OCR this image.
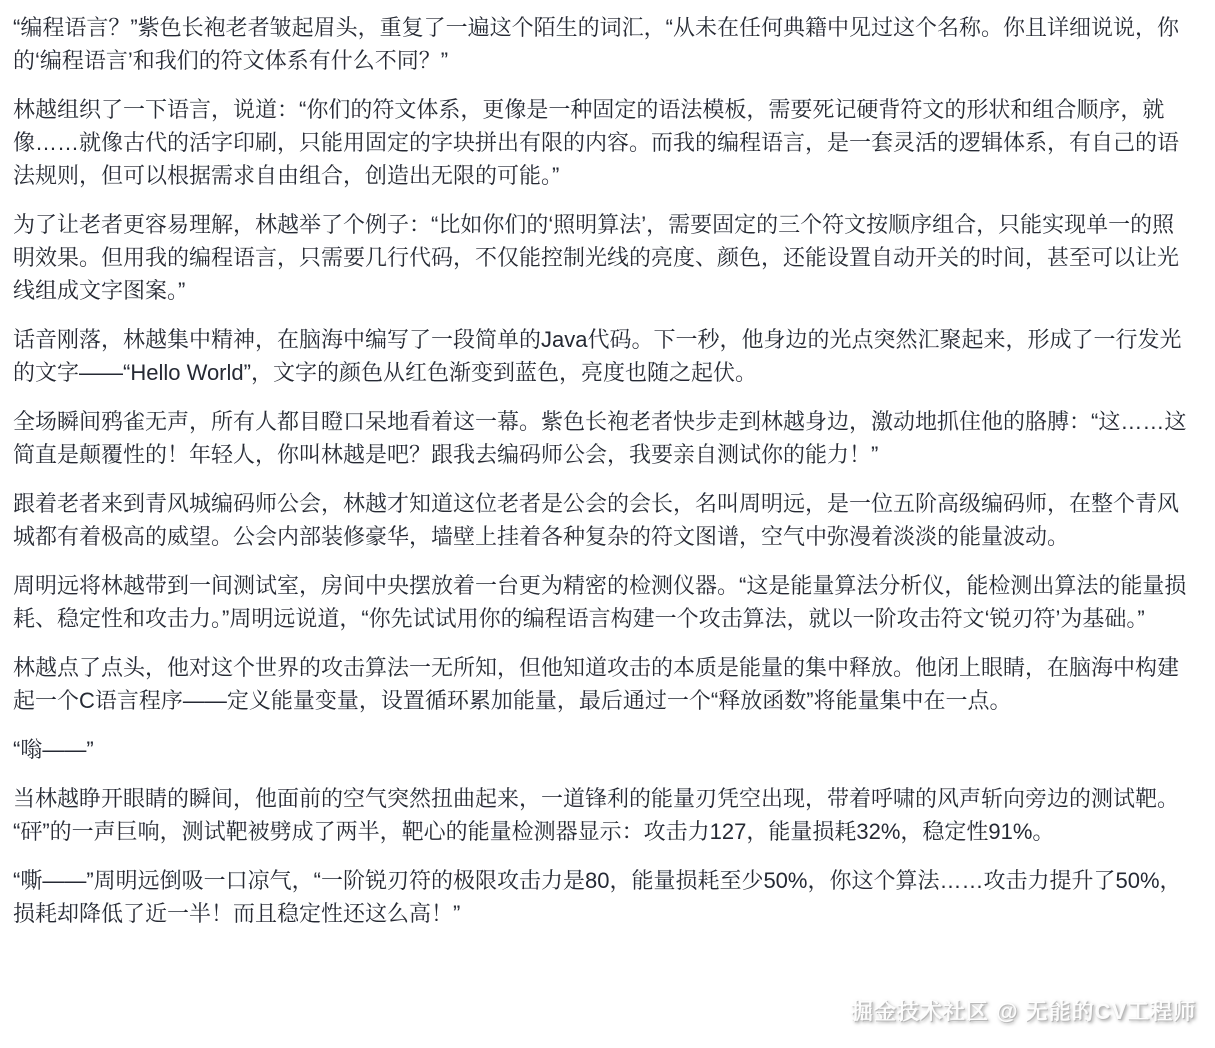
“编程语言？”紫色长袍老者皱起眉头，重复了一遍这个陌生的词汇，“从未在任何典籍中见过这个名称。你且详细说说，你的‘编程语言’和我们的符文体系有什么不同？”

林越组织了一下语言，说道：“你们的符文体系，更像是一种固定的语法模板，需要死记硬背符文的形状和组合顺序，就像……就像古代的活字印刷，只能用固定的字块拼出有限的内容。而我的编程语言，是一套灵活的逻辑体系，有自己的语法规则，但可以根据需求自由组合，创造出无限的可能。”

为了让老者更容易理解，林越举了个例子：“比如你们的‘照明算法’，需要固定的三个符文按顺序组合，只能实现单一的照明效果。但用我的编程语言，只需要几行代码，不仅能控制光线的亮度、颜色，还能设置自动开关的时间，甚至可以让光线组成文字图案。”

话音刚落，林越集中精神，在脑海中编写了一段简单的Java代码。下一秒，他身边的光点突然汇聚起来，形成了一行发光的文字——“Hello World”，文字的颜色从红色渐变到蓝色，亮度也随之起伏。

全场瞬间鸦雀无声，所有人都目瞪口呆地看着这一幕。紫色长袍老者快步走到林越身边，激动地抓住他的胳膊：“这……这简直是颠覆性的！年轻人，你叫林越是吧？跟我去编码师公会，我要亲自测试你的能力！”

跟着老者来到青风城编码师公会，林越才知道这位老者是公会的会长，名叫周明远，是一位五阶高级编码师，在整个青风城都有着极高的威望。公会内部装修豪华，墙壁上挂着各种复杂的符文图谱，空气中弥漫着淡淡的能量波动。

周明远将林越带到一间测试室，房间中央摆放着一台更为精密的检测仪器。“这是能量算法分析仪，能检测出算法的能量损耗、稳定性和攻击力。”周明远说道，“你先试试用你的编程语言构建一个攻击算法，就以一阶攻击符文‘锐刃符’为基础。”

林越点了点头，他对这个世界的攻击算法一无所知，但他知道攻击的本质是能量的集中释放。他闭上眼睛，在脑海中构建起一个C语言程序——定义能量变量，设置循环累加能量，最后通过一个“释放函数”将能量集中在一点。

“嗡——”

当林越睁开眼睛的瞬间，他面前的空气突然扭曲起来，一道锋利的能量刃凭空出现，带着呼啸的风声斩向旁边的测试靶。“砰”的一声巨响，测试靶被劈成了两半，靶心的能量检测器显示：攻击力127，能量损耗32%，稳定性91%。

“嘶——”周明远倒吸一口凉气，“一阶锐刃符的极限攻击力是80，能量损耗至少50%，你这个算法……攻击力提升了50%，损耗却降低了近一半！而且稳定性还这么高！”

掘金技术社区 @ 无能的CV工程师
